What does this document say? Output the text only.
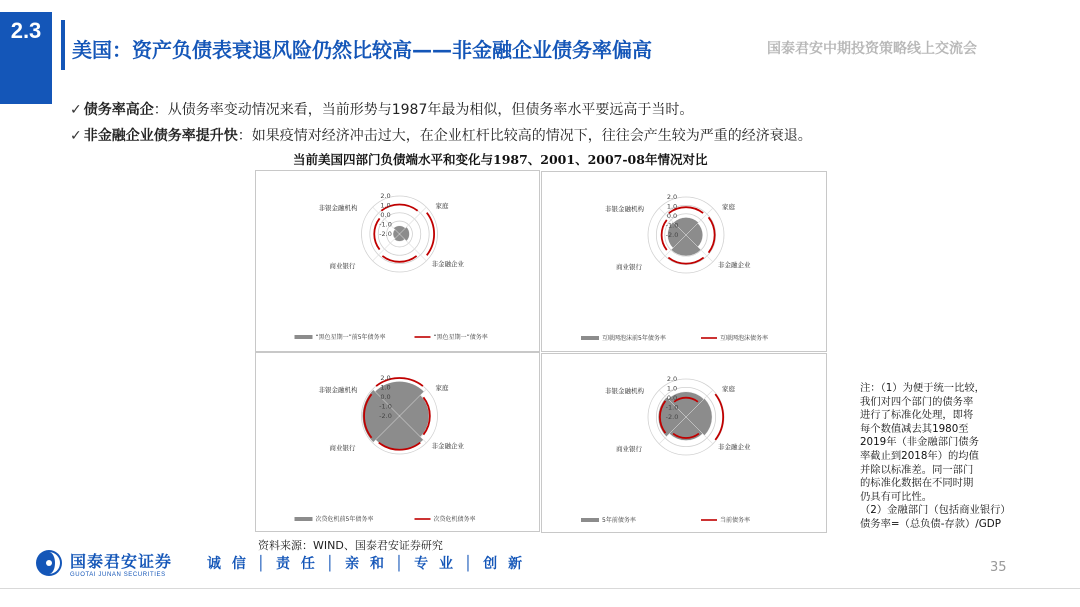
2.3
美国：资产负债表衰退风险仍然比较高——非金融企业债务率偏高	国泰君安中期投资策略线上交流会
✓ 债务率高企：从债务率变动情况来看，当前形势与1987年最为相似，但债务率水平要远高于当时。
✓ 非金融企业债务率提升快：如果疫情对经济冲击过大，在企业杠杆比较高的情况下，往往会产生较为严重的经济衰退。
当前美国四部门负债端水平和变化与1987、2001、2007-08年情况对比
2.0
1.0
0.0
-1.0
-2.0
家庭
非金融企业
商业银行
非银金融机构
“黑色星期一”前5年债务率	“黑色星期一”债务率
2.0
1.0
0.0
-1.0
-2.0
家庭
非金融企业
商业银行
非银金融机构
互联网泡沫前5年债务率	互联网泡沫债务率
2.0
1.0
0.0
-1.0
-2.0
家庭
非金融企业
商业银行
非银金融机构
次贷危机前5年债务率	次贷危机债务率
2.0
1.0
0.0
-1.0
-2.0
家庭
非金融企业
商业银行
非银金融机构
5年前债务率	当前债务率
注：（1）为便于统一比较，
我们对四个部门的债务率
进行了标准化处理，即将
每个数值减去其1980至
2019年（非金融部门债务
率截止到2018年）的均值
并除以标准差。同一部门
的标准化数据在不同时期
仍具有可比性。
（2）金融部门（包括商业银行）
债务率=（总负债-存款）/GDP
资料来源：WIND、国泰君安证券研究
国泰君安证券
GUOTAI JUNAN SECURITIES
诚 信 │ 责 任 │ 亲 和 │ 专 业 │ 创 新	35
